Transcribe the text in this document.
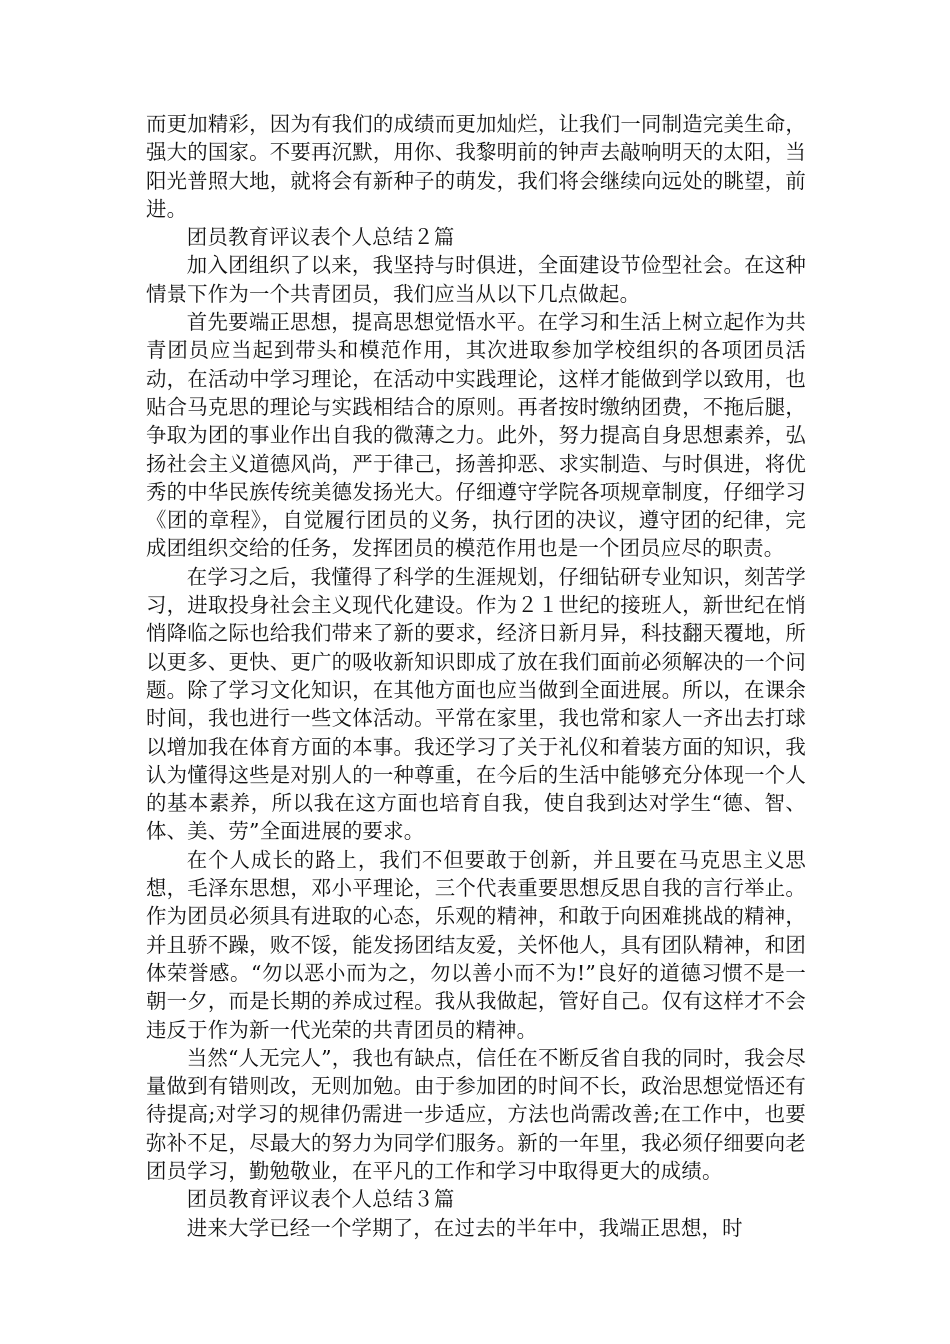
而更加精彩，因为有我们的成绩而更加灿烂，让我们一同制造完美生命，强大的国家。不要再沉默，用你、我黎明前的钟声去敲响明天的太阳，当阳光普照大地，就将会有新种子的萌发，我们将会继续向远处的眺望，前进。

团员教育评议表个人总结２篇

加入团组织了以来，我坚持与时俱进，全面建设节俭型社会。在这种情景下作为一个共青团员，我们应当从以下几点做起。

首先要端正思想，提高思想觉悟水平。在学习和生活上树立起作为共青团员应当起到带头和模范作用，其次进取参加学校组织的各项团员活动，在活动中学习理论，在活动中实践理论，这样才能做到学以致用，也贴合马克思的理论与实践相结合的原则。再者按时缴纳团费，不拖后腿，争取为团的事业作出自我的微薄之力。此外，努力提高自身思想素养，弘扬社会主义道德风尚，严于律己，扬善抑恶、求实制造、与时俱进，将优秀的中华民族传统美德发扬光大。仔细遵守学院各项规章制度，仔细学习《团的章程》，自觉履行团员的义务，执行团的决议，遵守团的纪律，完成团组织交给的任务，发挥团员的模范作用也是一个团员应尽的职责。

在学习之后，我懂得了科学的生涯规划，仔细钻研专业知识，刻苦学习，进取投身社会主义现代化建设。作为２１世纪的接班人，新世纪在悄悄降临之际也给我们带来了新的要求，经济日新月异，科技翻天覆地，所以更多、更快、更广的吸收新知识即成了放在我们面前必须解决的一个问题。除了学习文化知识，在其他方面也应当做到全面进展。所以，在课余时间，我也进行一些文体活动。平常在家里，我也常和家人一齐出去打球以增加我在体育方面的本事。我还学习了关于礼仪和着装方面的知识，我认为懂得这些是对别人的一种尊重，在今后的生活中能够充分体现一个人的基本素养，所以我在这方面也培育自我，使自我到达对学生“德、智、体、美、劳”全面进展的要求。

在个人成长的路上，我们不但要敢于创新，并且要在马克思主义思想，毛泽东思想，邓小平理论，三个代表重要思想反思自我的言行举止。作为团员必须具有进取的心态，乐观的精神，和敢于向困难挑战的精神，并且骄不躁，败不馁，能发扬团结友爱，关怀他人，具有团队精神，和团体荣誉感。“勿以恶小而为之，勿以善小而不为!”良好的道德习惯不是一朝一夕，而是长期的养成过程。我从我做起，管好自己。仅有这样才不会违反于作为新一代光荣的共青团员的精神。

当然“人无完人”，我也有缺点，信任在不断反省自我的同时，我会尽量做到有错则改，无则加勉。由于参加团的时间不长，政治思想觉悟还有待提高;对学习的规律仍需进一步适应，方法也尚需改善;在工作中，也要弥补不足，尽最大的努力为同学们服务。新的一年里，我必须仔细要向老团员学习，勤勉敬业，在平凡的工作和学习中取得更大的成绩。

团员教育评议表个人总结３篇

进来大学已经一个学期了，在过去的半年中，我端正思想，时
